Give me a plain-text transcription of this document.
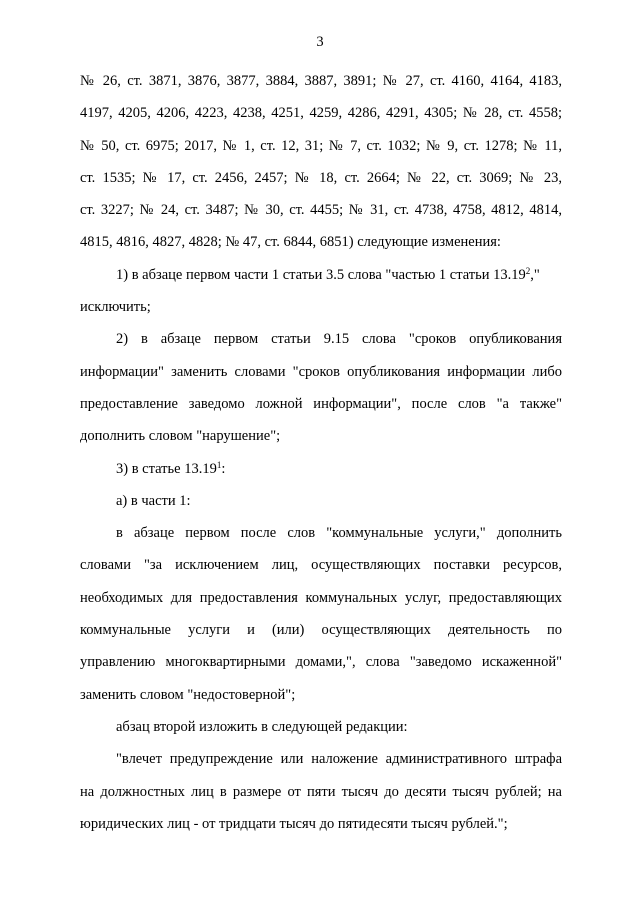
3
№ 26, ст. 3871, 3876, 3877, 3884, 3887, 3891; № 27, ст. 4160, 4164, 4183,
4197, 4205, 4206, 4223, 4238, 4251, 4259, 4286, 4291, 4305; № 28, ст. 4558;
№ 50, ст. 6975; 2017, № 1, ст. 12, 31; № 7, ст. 1032; № 9, ст. 1278; № 11,
ст. 1535; № 17, ст. 2456, 2457; № 18, ст. 2664; № 22, ст. 3069; № 23,
ст. 3227; № 24, ст. 3487; № 30, ст. 4455; № 31, ст. 4738, 4758, 4812, 4814,
4815, 4816, 4827, 4828; № 47, ст. 6844, 6851) следующие изменения:
1) в абзаце первом части 1 статьи 3.5 слова "частью 1 статьи 13.19$^2$,"
исключить;
2) в абзаце первом статьи 9.15 слова "сроков опубликования
информации" заменить словами "сроков опубликования информации либо
предоставление заведомо ложной информации", после слов "а также"
дополнить словом "нарушение";
3) в статье 13.19$^1$:
а) в части 1:
в абзаце первом после слов "коммунальные услуги," дополнить
словами "за исключением лиц, осуществляющих поставки ресурсов,
необходимых для предоставления коммунальных услуг, предоставляющих
коммунальные услуги и (или) осуществляющих деятельность по
управлению многоквартирными домами,", слова "заведомо искаженной"
заменить словом "недостоверной";
абзац второй изложить в следующей редакции:
"влечет предупреждение или наложение административного штрафа
на должностных лиц в размере от пяти тысяч до десяти тысяч рублей; на
юридических лиц - от тридцати тысяч до пятидесяти тысяч рублей.";
